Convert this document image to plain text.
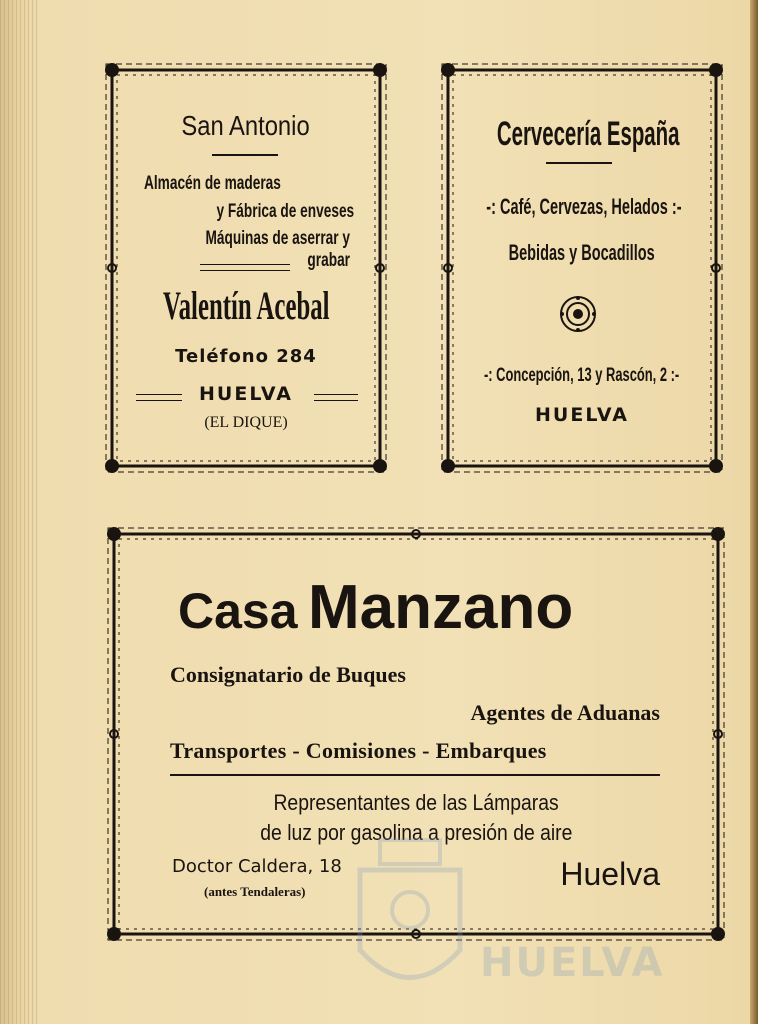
San Antonio
Almacén de maderas
y Fábrica de enveses
Máquinas de aserrar y grabar
Valentín Acebal
Teléfono 284
HUELVA
(EL DIQUE)
Cervecería España
-: Café, Cervezas, Helados :-
Bebidas y Bocadillos
-: Concepción, 13 y Rascón, 2 :-
HUELVA
Casa Manzano
Consignatario de Buques
Agentes de Aduanas
Transportes - Comisiones - Embarques
Representantes de las Lámparas
de luz por gasolina a presión de aire
Doctor Caldera, 18
(antes Tendaleras)	Huelva
HUELVA
